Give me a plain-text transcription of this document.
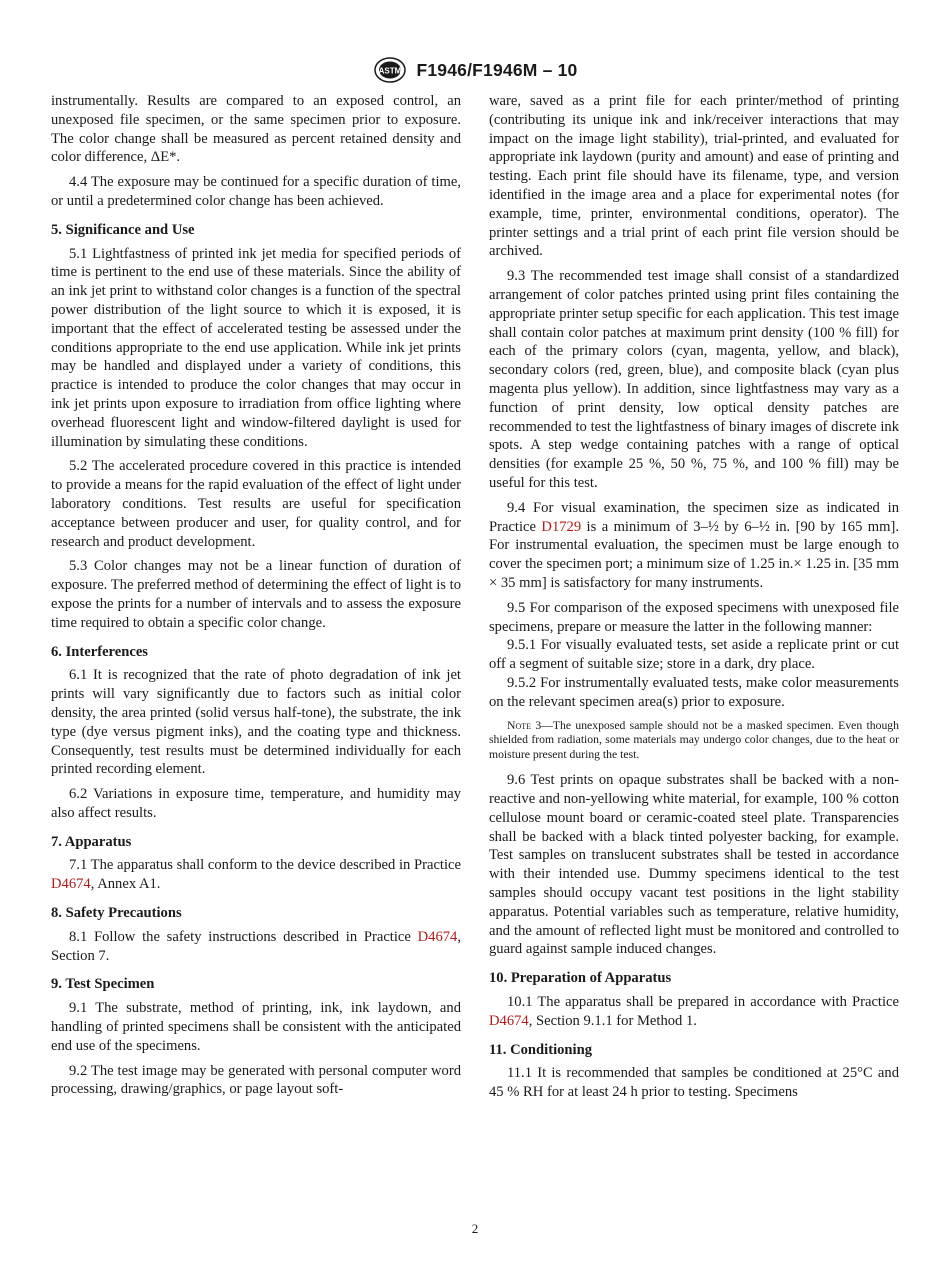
ASTM F1946/F1946M – 10

instrumentally. Results are compared to an exposed control, an unexposed file specimen, or the same specimen prior to exposure. The color change shall be measured as percent retained density and color difference, ΔE*.

4.4 The exposure may be continued for a specific duration of time, or until a predetermined color change has been achieved.

5. Significance and Use

5.1 Lightfastness of printed ink jet media for specified periods of time is pertinent to the end use of these materials. Since the ability of an ink jet print to withstand color changes is a function of the spectral power distribution of the light source to which it is exposed, it is important that the effect of accelerated testing be assessed under the conditions appropriate to the end use application. While ink jet prints may be handled and displayed under a variety of conditions, this practice is intended to produce the color changes that may occur in ink jet prints upon exposure to irradiation from office lighting where overhead fluorescent light and window-filtered daylight is used for illumination by simulating these conditions.

5.2 The accelerated procedure covered in this practice is intended to provide a means for the rapid evaluation of the effect of light under laboratory conditions. Test results are useful for specification acceptance between producer and user, for quality control, and for research and product development.

5.3 Color changes may not be a linear function of duration of exposure. The preferred method of determining the effect of light is to expose the prints for a number of intervals and to assess the exposure time required to obtain a specific color change.

6. Interferences

6.1 It is recognized that the rate of photo degradation of ink jet prints will vary significantly due to factors such as initial color density, the area printed (solid versus half-tone), the substrate, the ink type (dye versus pigment inks), and the coating type and thickness. Consequently, test results must be determined individually for each printed recording element.

6.2 Variations in exposure time, temperature, and humidity may also affect results.

7. Apparatus

7.1 The apparatus shall conform to the device described in Practice D4674, Annex A1.

8. Safety Precautions

8.1 Follow the safety instructions described in Practice D4674, Section 7.

9. Test Specimen

9.1 The substrate, method of printing, ink, ink laydown, and handling of printed specimens shall be consistent with the anticipated end use of the specimens.

9.2 The test image may be generated with personal computer word processing, drawing/graphics, or page layout soft-

ware, saved as a print file for each printer/method of printing (contributing its unique ink and ink/receiver interactions that may impact on the image light stability), trial-printed, and evaluated for appropriate ink laydown (purity and amount) and ease of printing and testing. Each print file should have its filename, type, and version identified in the image area and a place for experimental notes (for example, time, printer, environmental conditions, operator). The printer settings and a trial print of each print file version should be archived.

9.3 The recommended test image shall consist of a standardized arrangement of color patches printed using print files containing the appropriate printer setup specific for each application. This test image shall contain color patches at maximum print density (100 % fill) for each of the primary colors (cyan, magenta, yellow, and black), secondary colors (red, green, blue), and composite black (cyan plus magenta plus yellow). In addition, since lightfastness may vary as a function of print density, low optical density patches are recommended to test the lightfastness of binary images of discrete ink spots. A step wedge containing patches with a range of optical densities (for example 25 %, 50 %, 75 %, and 100 % fill) may be useful for this test.

9.4 For visual examination, the specimen size as indicated in Practice D1729 is a minimum of 3–½ by 6–½ in. [90 by 165 mm]. For instrumental evaluation, the specimen must be large enough to cover the specimen port; a minimum size of 1.25 in.× 1.25 in. [35 mm × 35 mm] is satisfactory for many instruments.

9.5 For comparison of the exposed specimens with unexposed file specimens, prepare or measure the latter in the following manner:

9.5.1 For visually evaluated tests, set aside a replicate print or cut off a segment of suitable size; store in a dark, dry place.

9.5.2 For instrumentally evaluated tests, make color measurements on the relevant specimen area(s) prior to exposure.

Note 3—The unexposed sample should not be a masked specimen. Even though shielded from radiation, some materials may undergo color changes, due to the heat or moisture present during the test.

9.6 Test prints on opaque substrates shall be backed with a non-reactive and non-yellowing white material, for example, 100 % cotton cellulose mount board or ceramic-coated steel plate. Transparencies shall be backed with a black tinted polyester backing, for example. Test samples on translucent substrates shall be tested in accordance with their intended use. Dummy specimens identical to the test samples should occupy vacant test positions in the light stability apparatus. Potential variables such as temperature, relative humidity, and the amount of reflected light must be monitored and controlled to guard against sample induced changes.

10. Preparation of Apparatus

10.1 The apparatus shall be prepared in accordance with Practice D4674, Section 9.1.1 for Method 1.

11. Conditioning

11.1 It is recommended that samples be conditioned at 25°C and 45 % RH for at least 24 h prior to testing. Specimens

2
